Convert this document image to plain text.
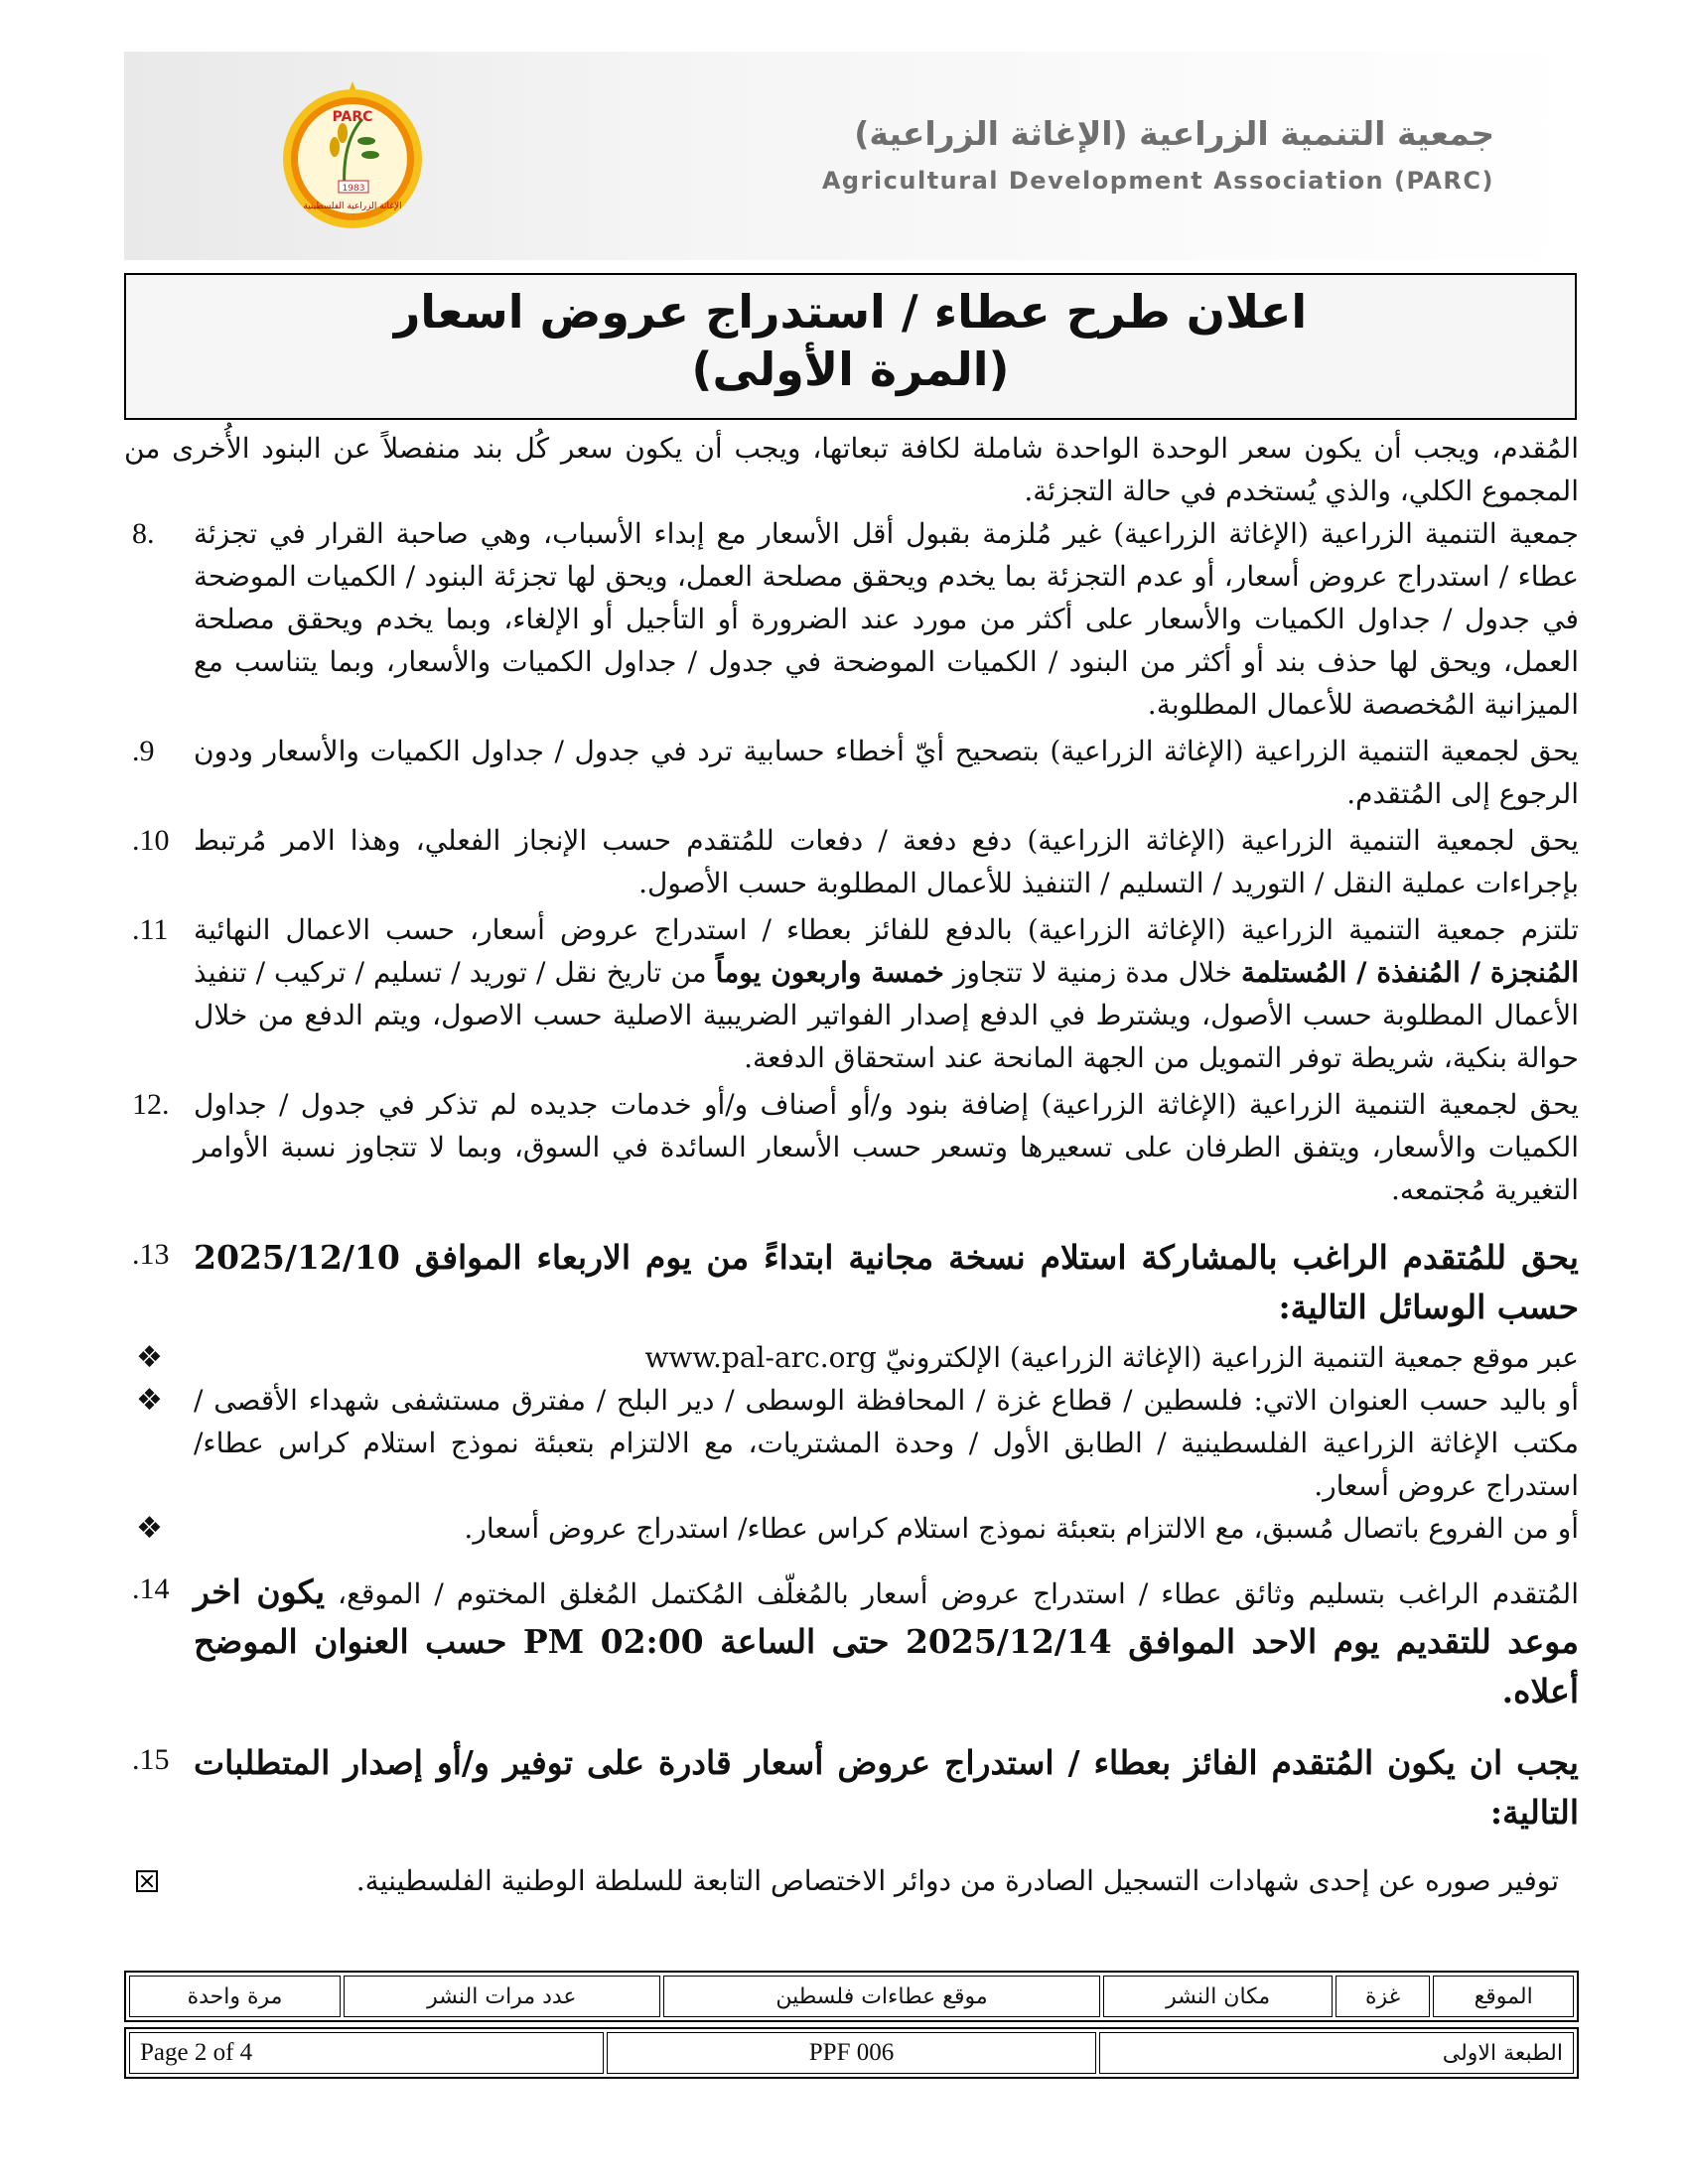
1983
PARC
الإغاثة الزراعية الفلسطينية
جمعية التنمية الزراعية (الإغاثة الزراعية)
Agricultural Development Association (PARC)
اعلان طرح عطاء / استدراج عروض اسعار
(المرة الأولى)

المُقدم، ويجب أن يكون سعر الوحدة الواحدة شاملة لكافة تبعاتها، ويجب أن يكون سعر كُل بند منفصلاً عن البنود الأُخرى من المجموع الكلي، والذي يُستخدم في حالة التجزئة.

جمعية التنمية الزراعية (الإغاثة الزراعية) غير مُلزمة بقبول أقل الأسعار مع إبداء الأسباب، وهي صاحبة القرار في تجزئة عطاء / استدراج عروض أسعار، أو عدم التجزئة بما يخدم ويحقق مصلحة العمل، ويحق لها تجزئة البنود / الكميات الموضحة في جدول / جداول الكميات والأسعار على أكثر من مورد عند الضرورة أو التأجيل أو الإلغاء، وبما يخدم ويحقق مصلحة العمل، ويحق لها حذف بند أو أكثر من البنود / الكميات الموضحة في جدول / جداول الكميات والأسعار، وبما يتناسب مع الميزانية المُخصصة للأعمال المطلوبة.
8.
يحق لجمعية التنمية الزراعية (الإغاثة الزراعية) بتصحيح أيّ أخطاء حسابية ترد في جدول / جداول الكميات والأسعار ودون الرجوع إلى المُتقدم.
.9
يحق لجمعية التنمية الزراعية (الإغاثة الزراعية) دفع دفعة / دفعات للمُتقدم حسب الإنجاز الفعلي، وهذا الامر مُرتبط بإجراءات عملية النقل / التوريد / التسليم / التنفيذ للأعمال المطلوبة حسب الأصول.
.10
تلتزم جمعية التنمية الزراعية (الإغاثة الزراعية) بالدفع للفائز بعطاء / استدراج عروض أسعار، حسب الاعمال النهائية المُنجزة / المُنفذة / المُستلمة خلال مدة زمنية لا تتجاوز خمسة واربعون يوماً من تاريخ نقل / توريد / تسليم / تركيب / تنفيذ الأعمال المطلوبة حسب الأصول، ويشترط في الدفع إصدار الفواتير الضريبية الاصلية حسب الاصول، ويتم الدفع من خلال حوالة بنكية، شريطة توفر التمويل من الجهة المانحة عند استحقاق الدفعة.
.11
يحق لجمعية التنمية الزراعية (الإغاثة الزراعية) إضافة بنود و/أو أصناف و/أو خدمات جديده لم تذكر في جدول / جداول الكميات والأسعار، ويتفق الطرفان على تسعيرها وتسعر حسب الأسعار السائدة في السوق، وبما لا تتجاوز نسبة الأوامر التغيرية مُجتمعه.
12.
يحق للمُتقدم الراغب بالمشاركة استلام نسخة مجانية ابتداءً من يوم الاربعاء الموافق 2025/12/10 حسب الوسائل التالية:
.13
عبر موقع جمعية التنمية الزراعية (الإغاثة الزراعية) الإلكترونيّ www.pal-arc.org
❖
أو باليد حسب العنوان الاتي: فلسطين / قطاع غزة / المحافظة الوسطى / دير البلح / مفترق مستشفى شهداء الأقصى / مكتب الإغاثة الزراعية الفلسطينية / الطابق الأول / وحدة المشتريات، مع الالتزام بتعبئة نموذج استلام كراس عطاء/ استدراج عروض أسعار.
❖
أو من الفروع باتصال مُسبق، مع الالتزام بتعبئة نموذج استلام كراس عطاء/ استدراج عروض أسعار.
❖
المُتقدم الراغب بتسليم وثائق عطاء / استدراج عروض أسعار بالمُغلّف المُكتمل المُغلق المختوم / الموقع، يكون اخر موعد للتقديم يوم الاحد الموافق 2025/12/14 حتى الساعة PM 02:00 حسب العنوان الموضح أعلاه.
.14
يجب ان يكون المُتقدم الفائز بعطاء / استدراج عروض أسعار قادرة على توفير و/أو إصدار المتطلبات التالية:
.15
توفير صوره عن إحدى شهادات التسجيل الصادرة من دوائر الاختصاص التابعة للسلطة الوطنية الفلسطينية.
الموقع	غزة	مكان النشر	موقع عطاءات فلسطين	عدد مرات النشر	مرة واحدة
الطبعة الاولى	PPF 006	Page 2 of 4
